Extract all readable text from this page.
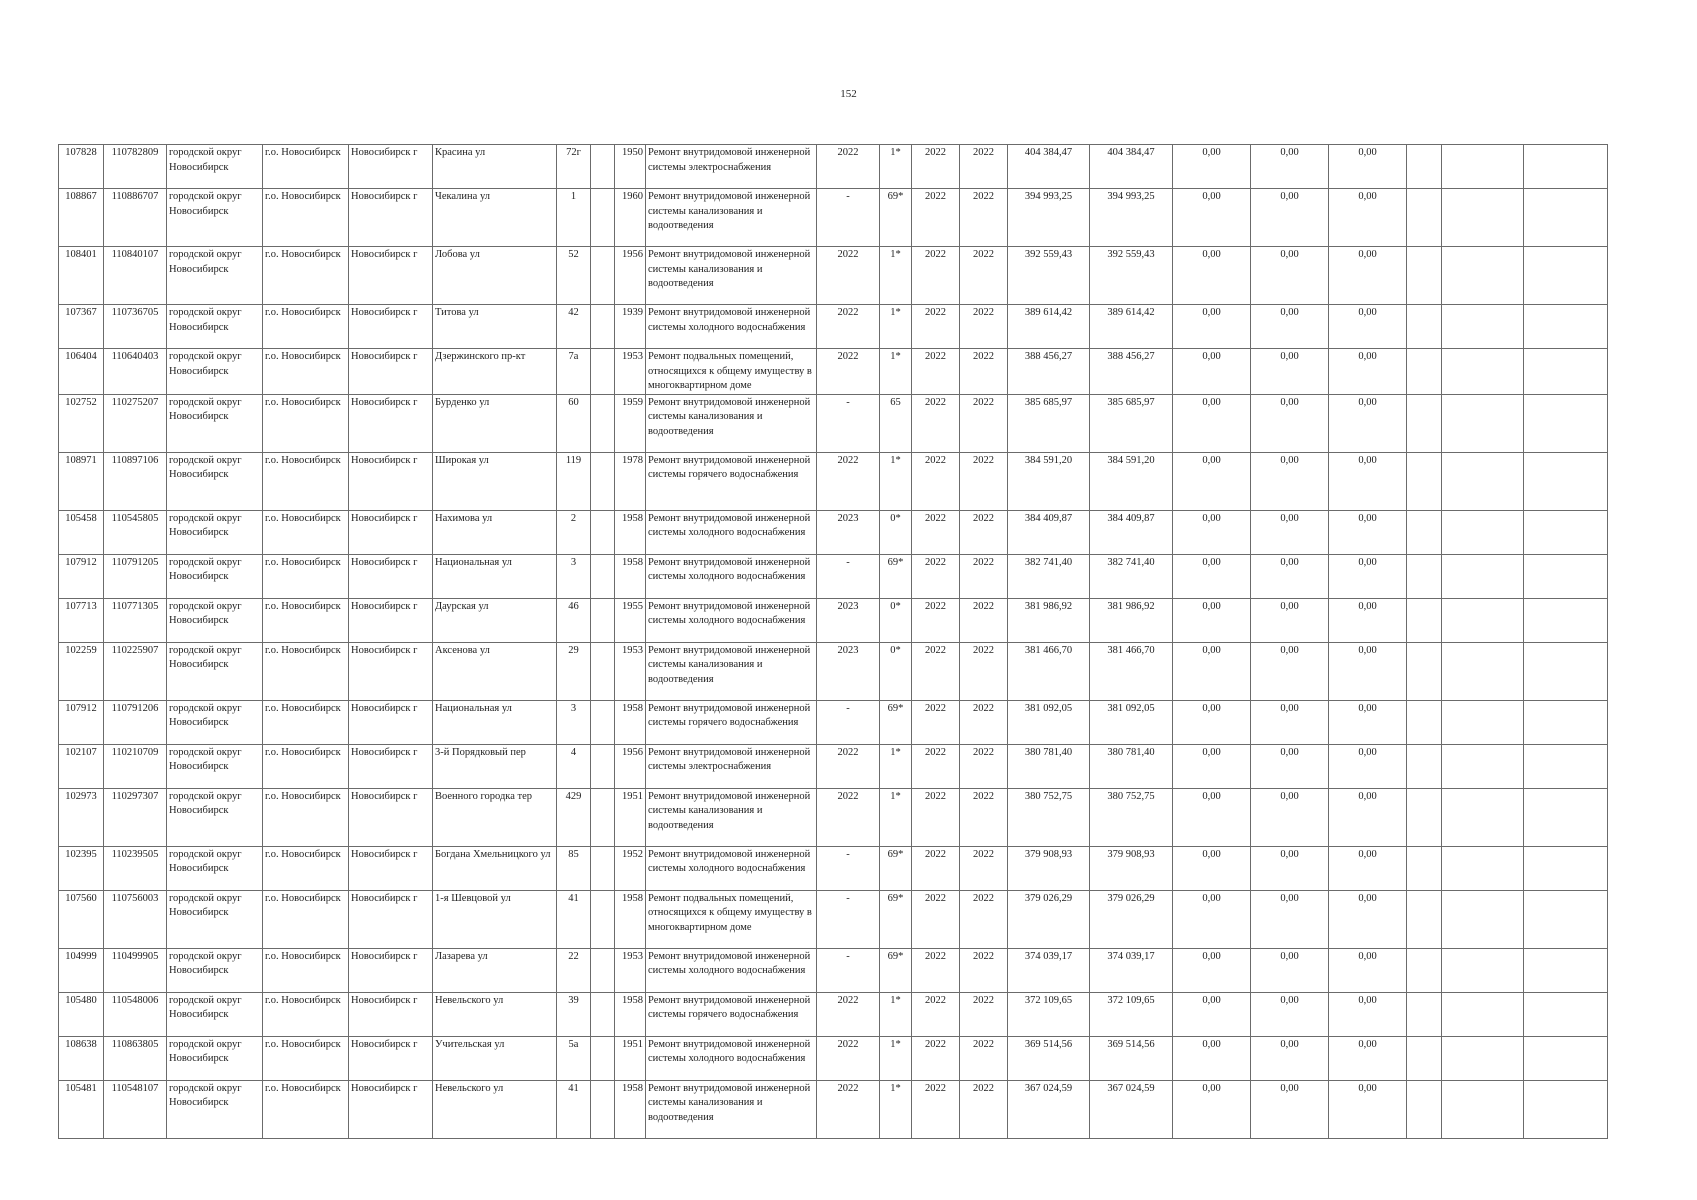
152
107828	110782809	городской округ Новосибирск	г.о. Новосибирск	Новосибирск г	Красина ул	72г		1950	Ремонт внутридомовой инженерной системы электроснабжения	2022	1*	2022	2022	404 384,47	404 384,47	0,00	0,00	0,00			
108867	110886707	городской округ Новосибирск	г.о. Новосибирск	Новосибирск г	Чекалина ул	1		1960	Ремонт внутридомовой инженерной системы канализования и водоотведения	-	69*	2022	2022	394 993,25	394 993,25	0,00	0,00	0,00			
108401	110840107	городской округ Новосибирск	г.о. Новосибирск	Новосибирск г	Лобова ул	52		1956	Ремонт внутридомовой инженерной системы канализования и водоотведения	2022	1*	2022	2022	392 559,43	392 559,43	0,00	0,00	0,00			
107367	110736705	городской округ Новосибирск	г.о. Новосибирск	Новосибирск г	Титова ул	42		1939	Ремонт внутридомовой инженерной системы холодного водоснабжения	2022	1*	2022	2022	389 614,42	389 614,42	0,00	0,00	0,00			
106404	110640403	городской округ Новосибирск	г.о. Новосибирск	Новосибирск г	Дзержинского пр-кт	7а		1953	Ремонт подвальных помещений, относящихся к общему имуществу в многоквартирном доме	2022	1*	2022	2022	388 456,27	388 456,27	0,00	0,00	0,00			
102752	110275207	городской округ Новосибирск	г.о. Новосибирск	Новосибирск г	Бурденко ул	60		1959	Ремонт внутридомовой инженерной системы канализования и водоотведения	-	65	2022	2022	385 685,97	385 685,97	0,00	0,00	0,00			
108971	110897106	городской округ Новосибирск	г.о. Новосибирск	Новосибирск г	Широкая ул	119		1978	Ремонт внутридомовой инженерной системы горячего водоснабжения	2022	1*	2022	2022	384 591,20	384 591,20	0,00	0,00	0,00			
105458	110545805	городской округ Новосибирск	г.о. Новосибирск	Новосибирск г	Нахимова ул	2		1958	Ремонт внутридомовой инженерной системы холодного водоснабжения	2023	0*	2022	2022	384 409,87	384 409,87	0,00	0,00	0,00			
107912	110791205	городской округ Новосибирск	г.о. Новосибирск	Новосибирск г	Национальная ул	3		1958	Ремонт внутридомовой инженерной системы холодного водоснабжения	-	69*	2022	2022	382 741,40	382 741,40	0,00	0,00	0,00			
107713	110771305	городской округ Новосибирск	г.о. Новосибирск	Новосибирск г	Даурская ул	46		1955	Ремонт внутридомовой инженерной системы холодного водоснабжения	2023	0*	2022	2022	381 986,92	381 986,92	0,00	0,00	0,00			
102259	110225907	городской округ Новосибирск	г.о. Новосибирск	Новосибирск г	Аксенова ул	29		1953	Ремонт внутридомовой инженерной системы канализования и водоотведения	2023	0*	2022	2022	381 466,70	381 466,70	0,00	0,00	0,00			
107912	110791206	городской округ Новосибирск	г.о. Новосибирск	Новосибирск г	Национальная ул	3		1958	Ремонт внутридомовой инженерной системы горячего водоснабжения	-	69*	2022	2022	381 092,05	381 092,05	0,00	0,00	0,00			
102107	110210709	городской округ Новосибирск	г.о. Новосибирск	Новосибирск г	3-й Порядковый пер	4		1956	Ремонт внутридомовой инженерной системы электроснабжения	2022	1*	2022	2022	380 781,40	380 781,40	0,00	0,00	0,00			
102973	110297307	городской округ Новосибирск	г.о. Новосибирск	Новосибирск г	Военного городка тер	429		1951	Ремонт внутридомовой инженерной системы канализования и водоотведения	2022	1*	2022	2022	380 752,75	380 752,75	0,00	0,00	0,00			
102395	110239505	городской округ Новосибирск	г.о. Новосибирск	Новосибирск г	Богдана Хмельницкого ул	85		1952	Ремонт внутридомовой инженерной системы холодного водоснабжения	-	69*	2022	2022	379 908,93	379 908,93	0,00	0,00	0,00			
107560	110756003	городской округ Новосибирск	г.о. Новосибирск	Новосибирск г	1-я Шевцовой ул	41		1958	Ремонт подвальных помещений, относящихся к общему имуществу в многоквартирном доме	-	69*	2022	2022	379 026,29	379 026,29	0,00	0,00	0,00			
104999	110499905	городской округ Новосибирск	г.о. Новосибирск	Новосибирск г	Лазарева ул	22		1953	Ремонт внутридомовой инженерной системы холодного водоснабжения	-	69*	2022	2022	374 039,17	374 039,17	0,00	0,00	0,00			
105480	110548006	городской округ Новосибирск	г.о. Новосибирск	Новосибирск г	Невельского ул	39		1958	Ремонт внутридомовой инженерной системы горячего водоснабжения	2022	1*	2022	2022	372 109,65	372 109,65	0,00	0,00	0,00			
108638	110863805	городской округ Новосибирск	г.о. Новосибирск	Новосибирск г	Учительская ул	5а		1951	Ремонт внутридомовой инженерной системы холодного водоснабжения	2022	1*	2022	2022	369 514,56	369 514,56	0,00	0,00	0,00			
105481	110548107	городской округ Новосибирск	г.о. Новосибирск	Новосибирск г	Невельского ул	41		1958	Ремонт внутридомовой инженерной системы канализования и водоотведения	2022	1*	2022	2022	367 024,59	367 024,59	0,00	0,00	0,00			
